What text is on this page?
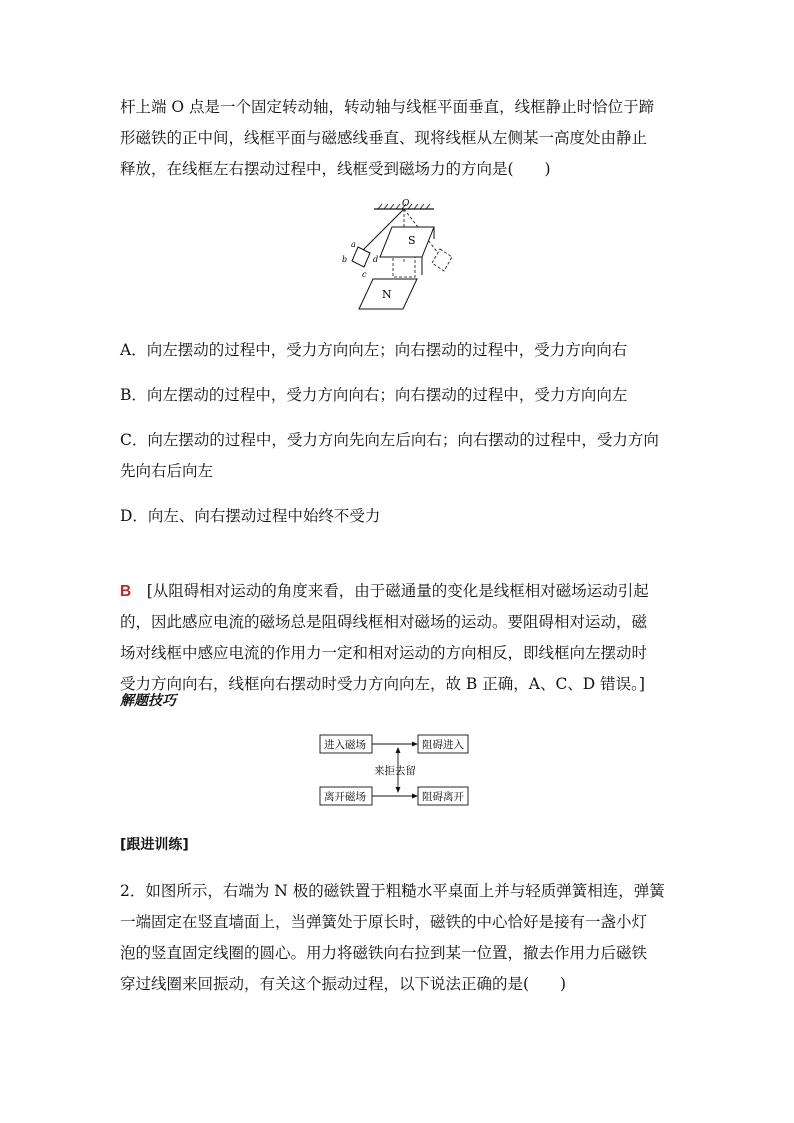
杆上端 O 点是一个固定转动轴，转动轴与线框平面垂直，线框静止时恰位于蹄
形磁铁的正中间，线框平面与磁感线垂直、现将线框从左侧某一高度处由静止
释放，在线框左右摆动过程中，线框受到磁场力的方向是(　　)
O
S
N
a
b
c
d
A．向左摆动的过程中，受力方向向左；向右摆动的过程中，受力方向向右
B．向左摆动的过程中，受力方向向右；向右摆动的过程中，受力方向向左
C．向左摆动的过程中，受力方向先向左后向右；向右摆动的过程中，受力方向
先向右后向左
D．向左、向右摆动过程中始终不受力
B　[从阻碍相对运动的角度来看，由于磁通量的变化是线框相对磁场运动引起
的，因此感应电流的磁场总是阻碍线框相对磁场的运动。要阻碍相对运动，磁
场对线框中感应电流的作用力一定和相对运动的方向相反，即线框向左摆动时
受力方向向右，线框向右摆动时受力方向向左，故 B 正确，A、C、D 错误。]
解题技巧
进入磁场	阻碍进入
离开磁场	阻碍离开
来拒去留
[跟进训练]
2．如图所示，右端为 N 极的磁铁置于粗糙水平桌面上并与轻质弹簧相连，弹簧
一端固定在竖直墙面上，当弹簧处于原长时，磁铁的中心恰好是接有一盏小灯
泡的竖直固定线圈的圆心。用力将磁铁向右拉到某一位置，撤去作用力后磁铁
穿过线圈来回振动，有关这个振动过程，以下说法正确的是(　　)
